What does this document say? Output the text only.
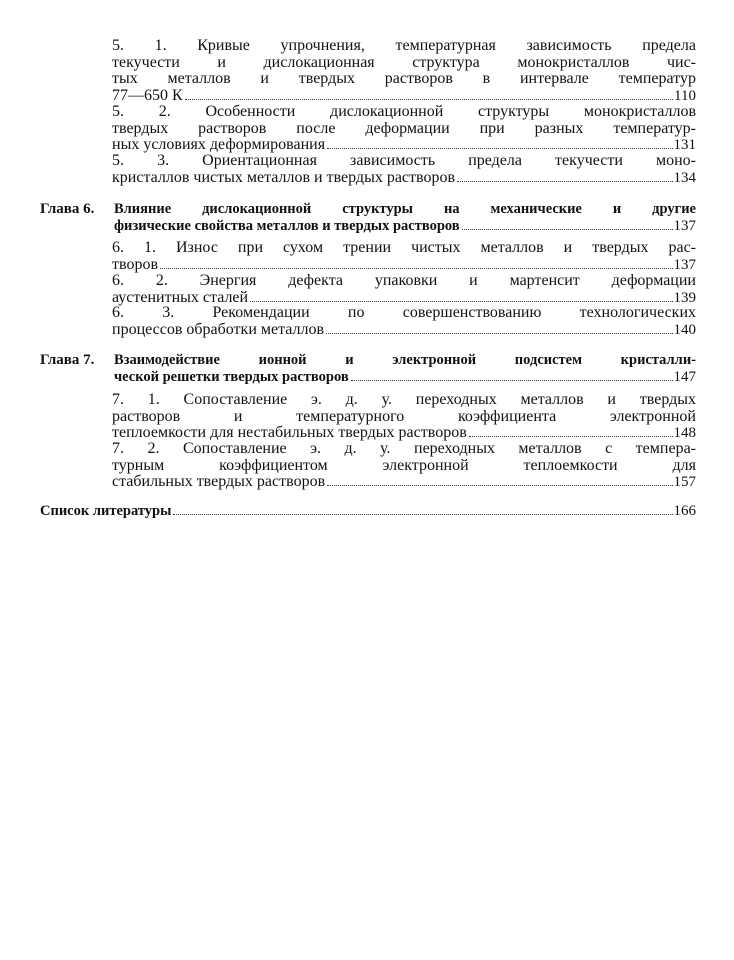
5. 1. Кривые упрочнения, температурная зависимость предела
текучести и дислокационная структура монокристаллов чис-
тых металлов и твердых растворов в интервале температур
77—650 К	110
5. 2. Особенности дислокационной структуры монокристаллов
твердых растворов после деформации при разных температур-
ных условиях деформирования	131
5. 3. Ориентационная зависимость предела текучести моно-
кристаллов чистых металлов и твердых растворов	134
Глава 6. Влияние дислокационной структуры на механические и другие
физические свойства металлов и твердых растворов	137
6. 1. Износ при сухом трении чистых металлов и твердых рас-
творов	137
6. 2. Энергия дефекта упаковки и мартенсит деформации
аустенитных сталей	139
6. 3. Рекомендации по совершенствованию технологических
процессов обработки металлов	140
Глава 7. Взаимодействие ионной и электронной подсистем кристалли-
ческой решетки твердых растворов	147
7. 1. Сопоставление э. д. у. переходных металлов и твердых
растворов и температурного коэффициента электронной
теплоемкости для нестабильных твердых растворов	148
7. 2. Сопоставление э. д. у. переходных металлов с темпера-
турным коэффициентом электронной теплоемкости для
стабильных твердых растворов	157
Список литературы	166
